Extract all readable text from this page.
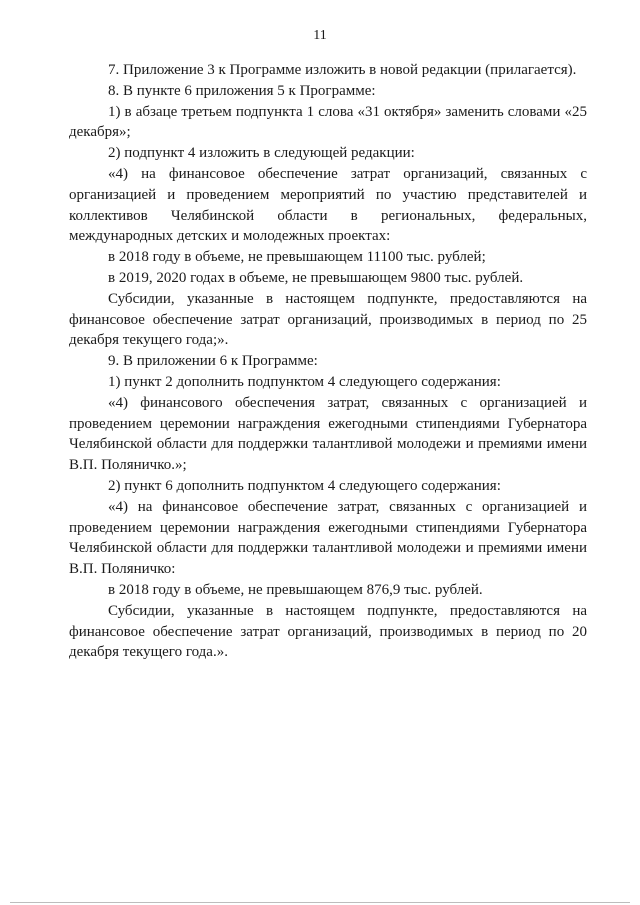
11

7. Приложение 3 к Программе изложить в новой редакции (прилагается).

8. В пункте 6 приложения 5 к Программе:

1) в абзаце третьем подпункта 1 слова «31 октября» заменить словами «25 декабря»;

2) подпункт 4 изложить в следующей редакции:

«4) на финансовое обеспечение затрат организаций, связанных с организацией и проведением мероприятий по участию представителей и коллективов Челябинской области в региональных, федеральных, международных детских и молодежных проектах:

в 2018 году в объеме, не превышающем 11100 тыс. рублей;

в 2019, 2020 годах в объеме, не превышающем 9800 тыс. рублей.

Субсидии, указанные в настоящем подпункте, предоставляются на финансовое обеспечение затрат организаций, производимых в период по 25 декабря текущего года;».

9. В приложении 6 к Программе:

1) пункт 2 дополнить подпунктом 4 следующего содержания:

«4) финансового обеспечения затрат, связанных с организацией и проведением церемонии награждения ежегодными стипендиями Губернатора Челябинской области для поддержки талантливой молодежи и премиями имени В.П. Поляничко.»;

2) пункт 6 дополнить подпунктом 4 следующего содержания:

«4) на финансовое обеспечение затрат, связанных с организацией и проведением церемонии награждения ежегодными стипендиями Губернатора Челябинской области для поддержки талантливой молодежи и премиями имени В.П. Поляничко:

в 2018 году в объеме, не превышающем 876,9 тыс. рублей.

Субсидии, указанные в настоящем подпункте, предоставляются на финансовое обеспечение затрат организаций, производимых в период по 20 декабря текущего года.».
